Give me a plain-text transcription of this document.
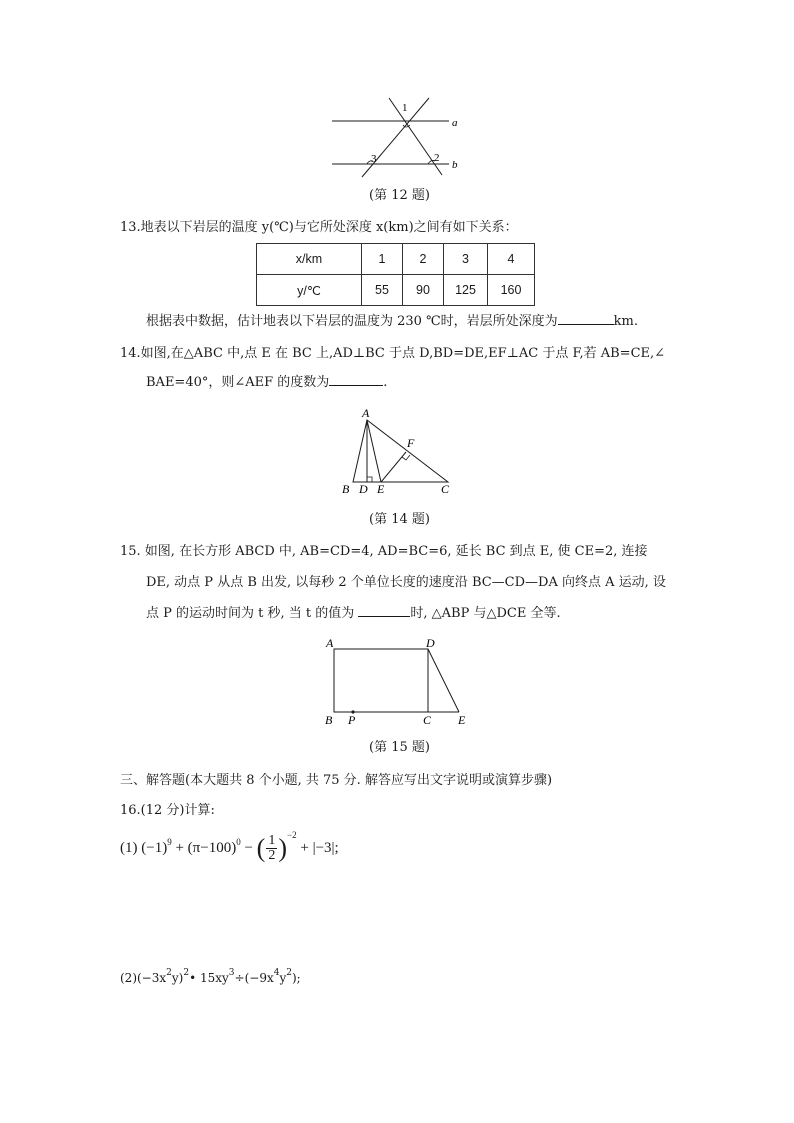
1
2
3
a
b
(第 12 题)
13.地表以下岩层的温度 y(℃)与它所处深度 x(km)之间有如下关系：
x/km	1	2	3	4
y/℃	55	90	125	160
根据表中数据，估计地表以下岩层的温度为 230 ℃时，岩层所处深度为	km.
14.如图,在△ABC 中,点 E 在 BC 上,AD⊥BC 于点 D,BD=DE,EF⊥AC 于点 F,若 AB=CE,∠
BAE=40°，则∠AEF 的度数为	.
A
B D E	C
F
(第 14 题)
15. 如图, 在长方形 ABCD 中, AB=CD=4, AD=BC=6, 延长 BC 到点 E, 使 CE=2, 连接
DE, 动点 P 从点 B 出发, 以每秒 2 个单位长度的速度沿 BC—CD—DA 向终点 A 运动, 设
点 P 的运动时间为 t 秒, 当 t 的值为	时, △ABP 与△DCE 全等.
A	D
B P	C E
(第 15 题)
三、解答题(本大题共 8 个小题, 共 75 分. 解答应写出文字说明或演算步骤)
16.(12 分)计算:
(1) $(-1)^9 + (\pi-100)^0$ − ( $\frac{1}{2} )^{-2} + |-3|$;
$(2)(-3x^2y)^2•$ $15xy^3\div(-9x^4y^2)$;
